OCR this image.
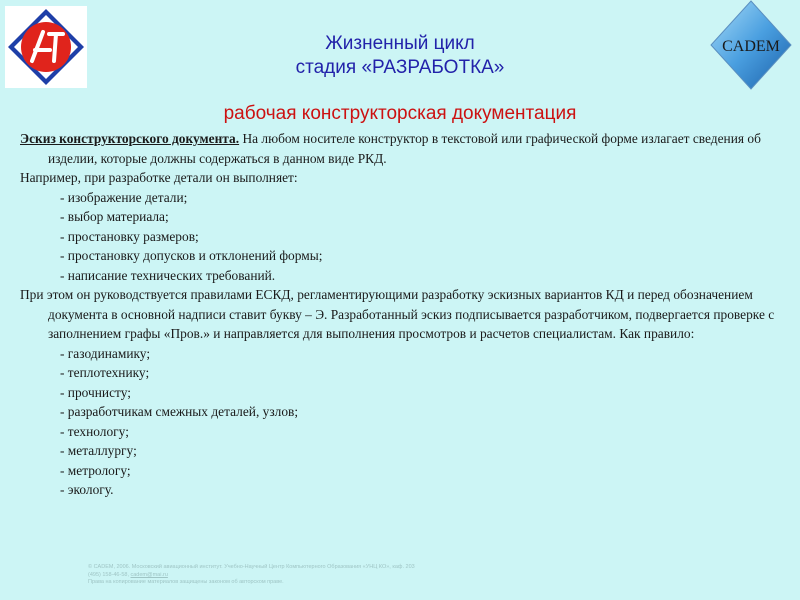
CADEM
Жизненный цикл
стадия «РАЗРАБОТКА»
рабочая конструкторская документация

Эскиз конструкторского документа. На любом носителе конструктор в текстовой или графической форме излагает сведения об изделии, которые должны содержаться в данном виде РКД.

Например, при разработке детали он выполняет:

- изображение детали;
- выбор материала;
- простановку размеров;
- простановку допусков и отклонений формы;
- написание технических требований.

При этом он руководствуется правилами ЕСКД, регламентирующими разработку эскизных вариантов КД и перед обозначением документа в основной надписи ставит букву – Э. Разработанный эскиз подписывается разработчиком, подвергается проверке с заполнением графы «Пров.» и направляется для выполнения просмотров и расчетов специалистам. Как правило:

- газодинамику;
- теплотехнику;
- прочнисту;
- разработчикам смежных деталей, узлов;
- технологу;
- металлургу;
- метрологу;
- экологу.
© CADEM, 2006. Московский авиационный институт. Учебно-Научный Центр Компьютерного Образования «УНЦ КО», каф. 203
(495) 158-46-58, cadem@mai.ru
Права на копирование материалов защищены законом об авторском праве.
